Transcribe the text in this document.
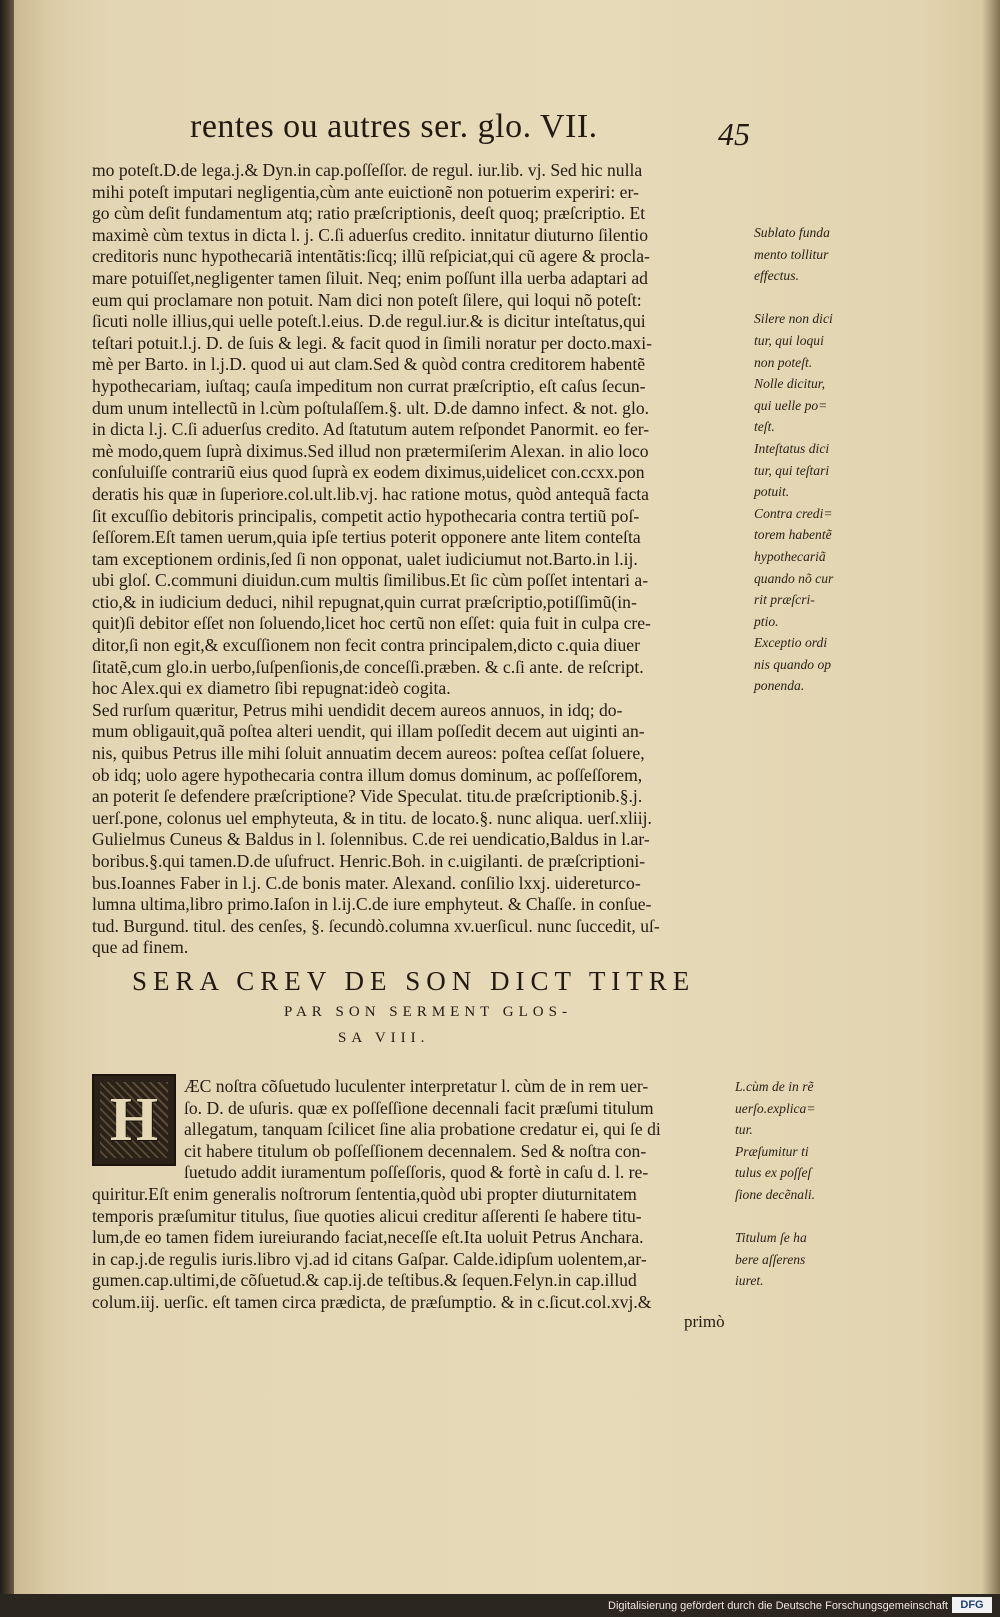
rentes ou autres ser. glo. VII.	45
mo poteſt.D.de lega.j.& Dyn.in cap.poſſeſſor. de regul. iur.lib. vj. Sed hic nulla
mihi poteſt imputari negligentia,cùm ante euictionẽ non potuerim experiri: er-
go cùm deſit fundamentum atq; ratio præſcriptionis, deeſt quoq; præſcriptio. Et
maximè cùm textus in dicta l. j. C.ſi aduerſus credito. innitatur diuturno ſilentio
creditoris nunc hypothecariã intentãtis:ſicq; illũ reſpiciat,qui cũ agere & procla-
mare potuiſſet,negligenter tamen ſiluit. Neq; enim poſſunt illa uerba adaptari ad
eum qui proclamare non potuit. Nam dici non poteſt ſilere, qui loqui nõ poteſt:
ſicuti nolle illius,qui uelle poteſt.l.eius. D.de regul.iur.& is dicitur inteſtatus,qui
teſtari potuit.l.j. D. de ſuis & legi. & facit quod in ſimili noratur per docto.maxi-
mè per Barto. in l.j.D. quod ui aut clam.Sed & quòd contra creditorem habentẽ
hypothecariam, iuſtaq; cauſa impeditum non currat præſcriptio, eſt caſus ſecun-
dum unum intellectũ in l.cùm poſtulaſſem.§. ult. D.de damno infect. & not. glo.
in dicta l.j. C.ſi aduerſus credito. Ad ſtatutum autem reſpondet Panormit. eo fer-
mè modo,quem ſuprà diximus.Sed illud non prætermiſerim Alexan. in alio loco
conſuluiſſe contrariũ eius quod ſuprà ex eodem diximus,uidelicet con.ccxx.pon
deratis his quæ in ſuperiore.col.ult.lib.vj. hac ratione motus, quòd antequã facta
ſit excuſſio debitoris principalis, competit actio hypothecaria contra tertiũ poſ-
ſeſſorem.Eſt tamen uerum,quia ipſe tertius poterit opponere ante litem conteſta
tam exceptionem ordinis,ſed ſi non opponat, ualet iudiciumut not.Barto.in l.ij.
ubi gloſ. C.communi diuidun.cum multis ſimilibus.Et ſic cùm poſſet intentari a-
ctio,& in iudicium deduci, nihil repugnat,quin currat præſcriptio,potiſſimũ(in-
quit)ſi debitor eſſet non ſoluendo,licet hoc certũ non eſſet: quia fuit in culpa cre-
ditor,ſi non egit,& excuſſionem non fecit contra principalem,dicto c.quia diuer
ſitatẽ,cum glo.in uerbo,ſuſpenſionis,de conceſſi.præben. & c.ſi ante. de reſcript.
hoc Alex.qui ex diametro ſibi repugnat:ideò cogita.
Sed rurſum quæritur, Petrus mihi uendidit decem aureos annuos, in idq; do-
mum obligauit,quã poſtea alteri uendit, qui illam poſſedit decem aut uiginti an-
nis, quibus Petrus ille mihi ſoluit annuatim decem aureos: poſtea ceſſat ſoluere,
ob idq; uolo agere hypothecaria contra illum domus dominum, ac poſſeſſorem,
an poterit ſe defendere præſcriptione? Vide Speculat. titu.de præſcriptionib.§.j.
uerſ.pone, colonus uel emphyteuta, & in titu. de locato.§. nunc aliqua. uerſ.xliij.
Gulielmus Cuneus & Baldus in l. ſolennibus. C.de rei uendicatio,Baldus in l.ar-
boribus.§.qui tamen.D.de uſufruct. Henric.Boh. in c.uigilanti. de præſcriptioni-
bus.Ioannes Faber in l.j. C.de bonis mater. Alexand. conſilio lxxj. uidereturco-
lumna ultima,libro primo.Iaſon in l.ij.C.de iure emphyteut. & Chaſſe. in conſue-
tud. Burgund. titul. des cenſes, §. ſecundò.columna xv.uerſicul. nunc ſuccedit, uſ-
que ad finem.
Sublato funda
mento tollitur
effectus.
Silere non dici
tur, qui loqui
non poteſt.
Nolle dicitur,
qui uelle po=
teſt.
Inteſtatus dici
tur, qui teſtari
potuit.
Contra credi=
torem habentẽ
hypothecariã
quando nõ cur
rit præſcri-
ptio.
Exceptio ordi
nis quando op
ponenda.
SERA CREV DE SON DICT TITRE
PAR SON SERMENT GLOS-
SA VIII.
ÆC noſtra cõſuetudo luculenter interpretatur l. cùm de in rem uer-
ſo. D. de uſuris. quæ ex poſſeſſione decennali facit præſumi titulum
allegatum, tanquam ſcilicet ſine alia probatione credatur ei, qui ſe di
cit habere titulum ob poſſeſſionem decennalem. Sed & noſtra con-
ſuetudo addit iuramentum poſſeſſoris, quod & fortè in caſu d. l. re-
quiritur.Eſt enim generalis noſtrorum ſententia,quòd ubi propter diuturnitatem
temporis præſumitur titulus, ſiue quoties alicui creditur aſſerenti ſe habere titu-
lum,de eo tamen fidem iureiurando faciat,neceſſe eſt.Ita uoluit Petrus Anchara.
in cap.j.de regulis iuris.libro vj.ad id citans Gaſpar. Calde.idipſum uolentem,ar-
gumen.cap.ultimi,de cõſuetud.& cap.ij.de teſtibus.& ſequen.Felyn.in cap.illud
colum.iij. uerſic. eſt tamen circa prædicta, de præſumptio. & in c.ſicut.col.xvj.&
H	L.cùm de in rẽ
uerſo.explica=
tur.
Præſumitur ti
tulus ex poſſeſ
ſione decẽnali.
Titulum ſe ha
bere aſſerens
iuret.
primò
Digitalisierung gefördert durch die Deutsche Forschungsgemeinschaft DFG
